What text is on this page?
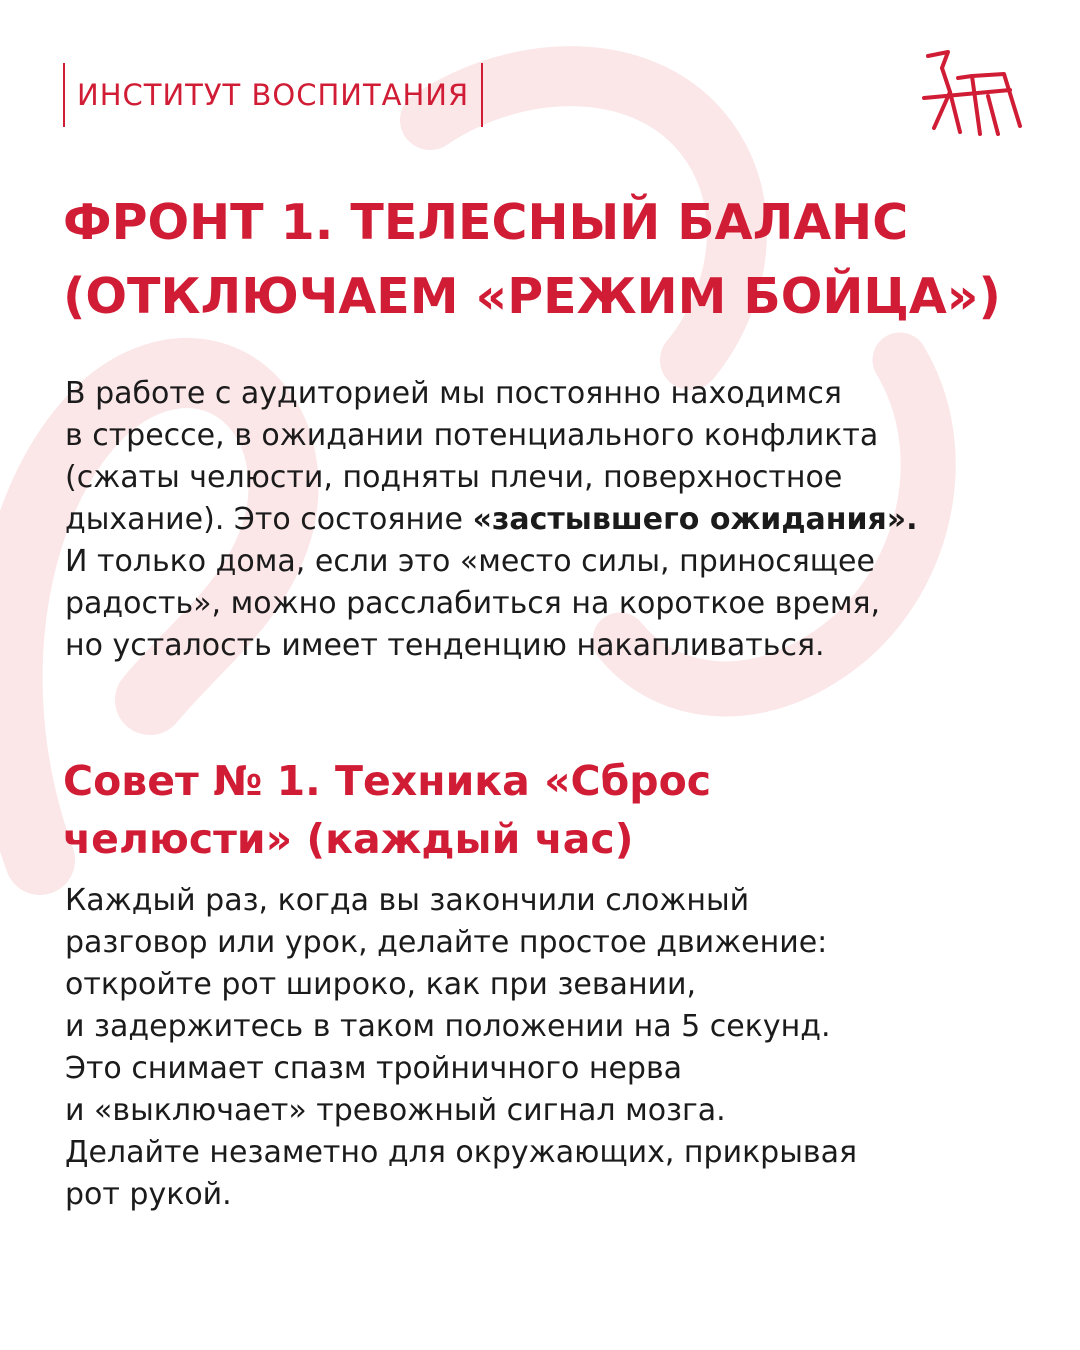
ИНСТИТУТ ВОСПИТАНИЯ
ФРОНТ 1. ТЕЛЕСНЫЙ БАЛАНС
(ОТКЛЮЧАЕМ «РЕЖИМ БОЙЦА»)

В работе с аудиторией мы постоянно находимся
в стрессе, в ожидании потенциального конфликта
(сжаты челюсти, подняты плечи, поверхностное
дыхание). Это состояние «застывшего ожидания».
И только дома, если это «место силы, приносящее
радость», можно расслабиться на короткое время,
но усталость имеет тенденцию накапливаться.

Совет № 1. Техника «Сброс
челюсти» (каждый час)

Каждый раз, когда вы закончили сложный
разговор или урок, делайте простое движение:
откройте рот широко, как при зевании,
и задержитесь в таком положении на 5 секунд.
Это снимает спазм тройничного нерва
и «выключает» тревожный сигнал мозга.
Делайте незаметно для окружающих, прикрывая
рот рукой.
